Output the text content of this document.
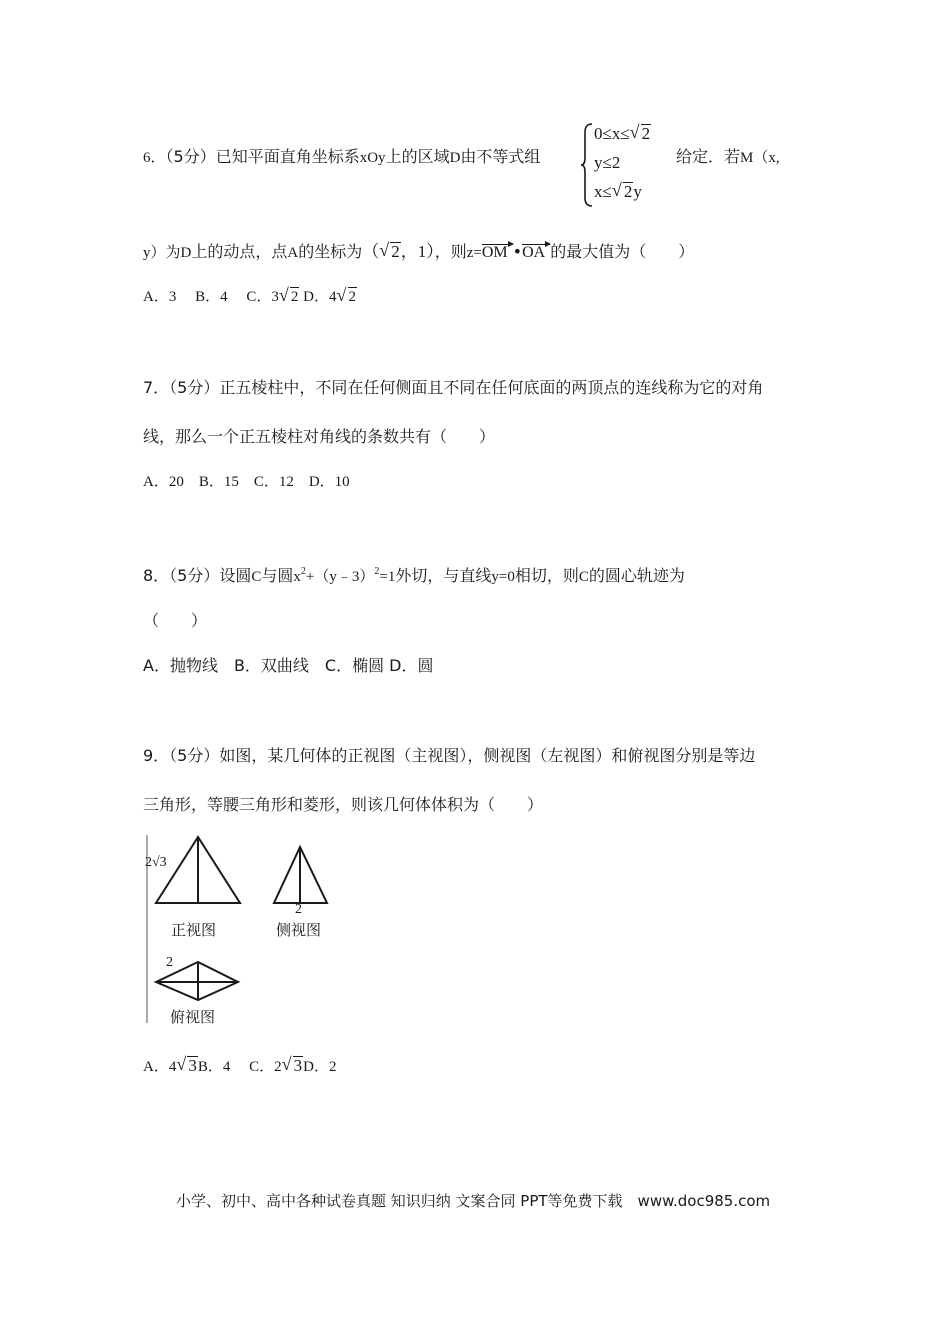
6．（5分）已知平面直角坐标系xOy上的区域D由不等式组
0≤x≤ √ 2
y≤2
x≤ √ 2y
给定．若M（x,
y）为D上的动点，点A的坐标为（ √ 2，1），则z=OM •OA 的最大值为（　　）
A．3　 B．4　 C．3 √ 2 D．4 √ 2
7．（5分）正五棱柱中，不同在任何侧面且不同在任何底面的两顶点的连线称为它的对角
线，那么一个正五棱柱对角线的条数共有（　　）
A．20　B．15　C．12　D．10
8．（5分）设圆C与圆$x^2+(y﹣3)^2=1$外切，与直线y=0相切，则C的圆心轨迹为
（　　）
A．抛物线　B．双曲线　C．椭圆 D．圆
9．（5分）如图，某几何体的正视图（主视图），侧视图（左视图）和俯视图分别是等边
三角形，等腰三角形和菱形，则该几何体体积为（　　）
2√3
正视图
2
侧视图
2
俯视图
A．4 √ 3B．4　 C．2 √ 3D．2
小学、初中、高中各种试卷真题 知识归纳 文案合同 PPT等免费下载　www.doc985.com
